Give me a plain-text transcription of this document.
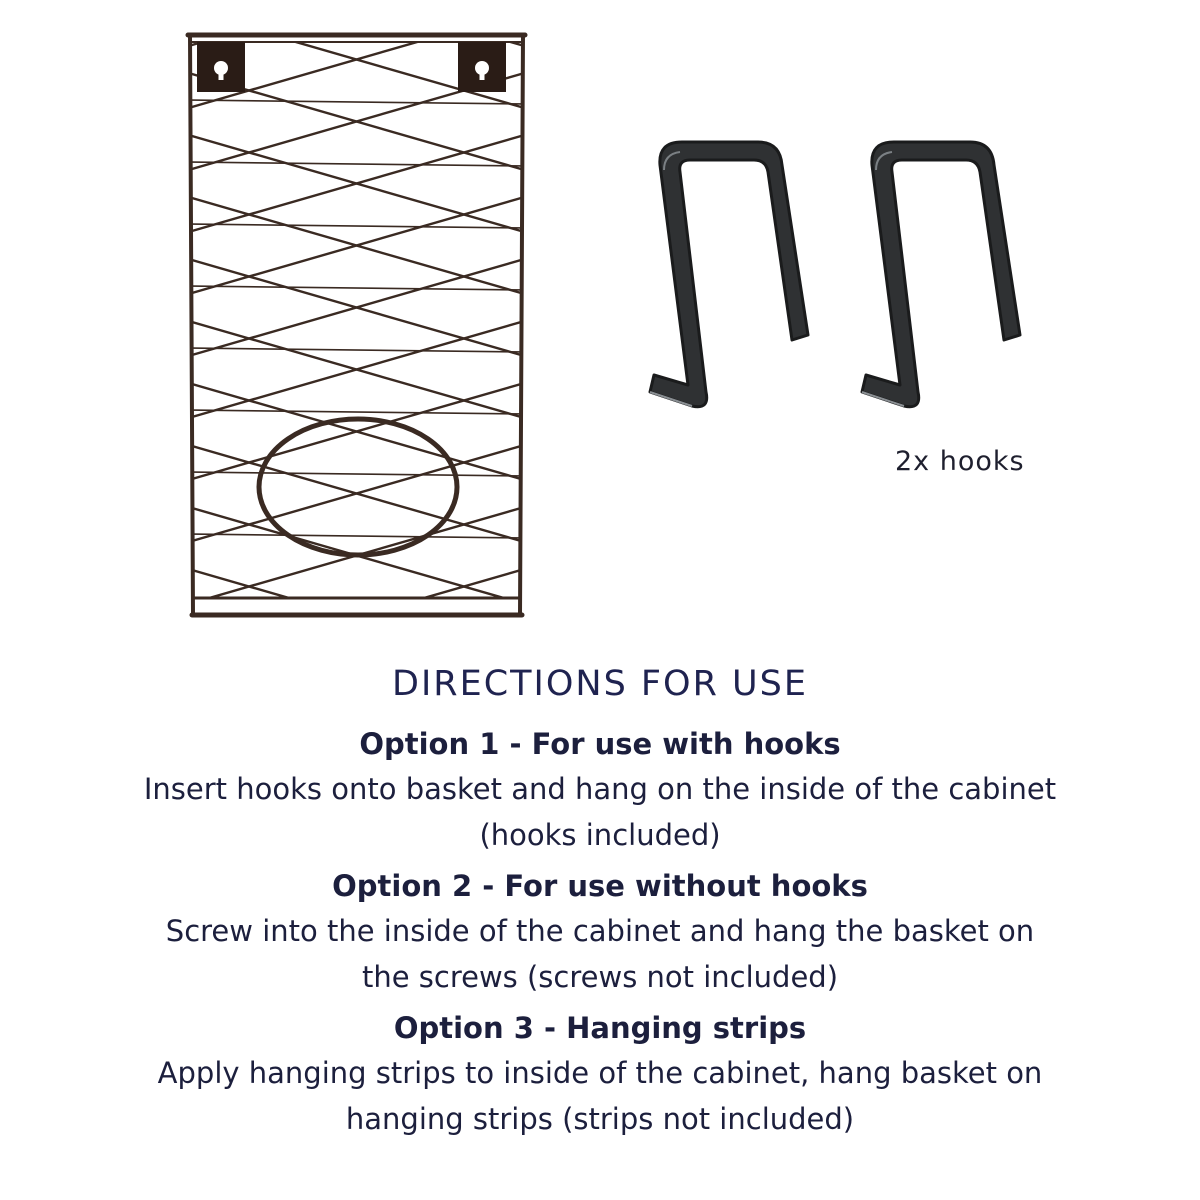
2x hooks
DIRECTIONS FOR USE

Option 1 - For use with hooks

Insert hooks onto basket and hang on the inside of the cabinet (hooks included)

Option 2 - For use without hooks

Screw into the inside of the cabinet and hang the basket on the screws (screws not included)

Option 3 - Hanging strips

Apply hanging strips to inside of the cabinet, hang basket on hanging strips (strips not included)
